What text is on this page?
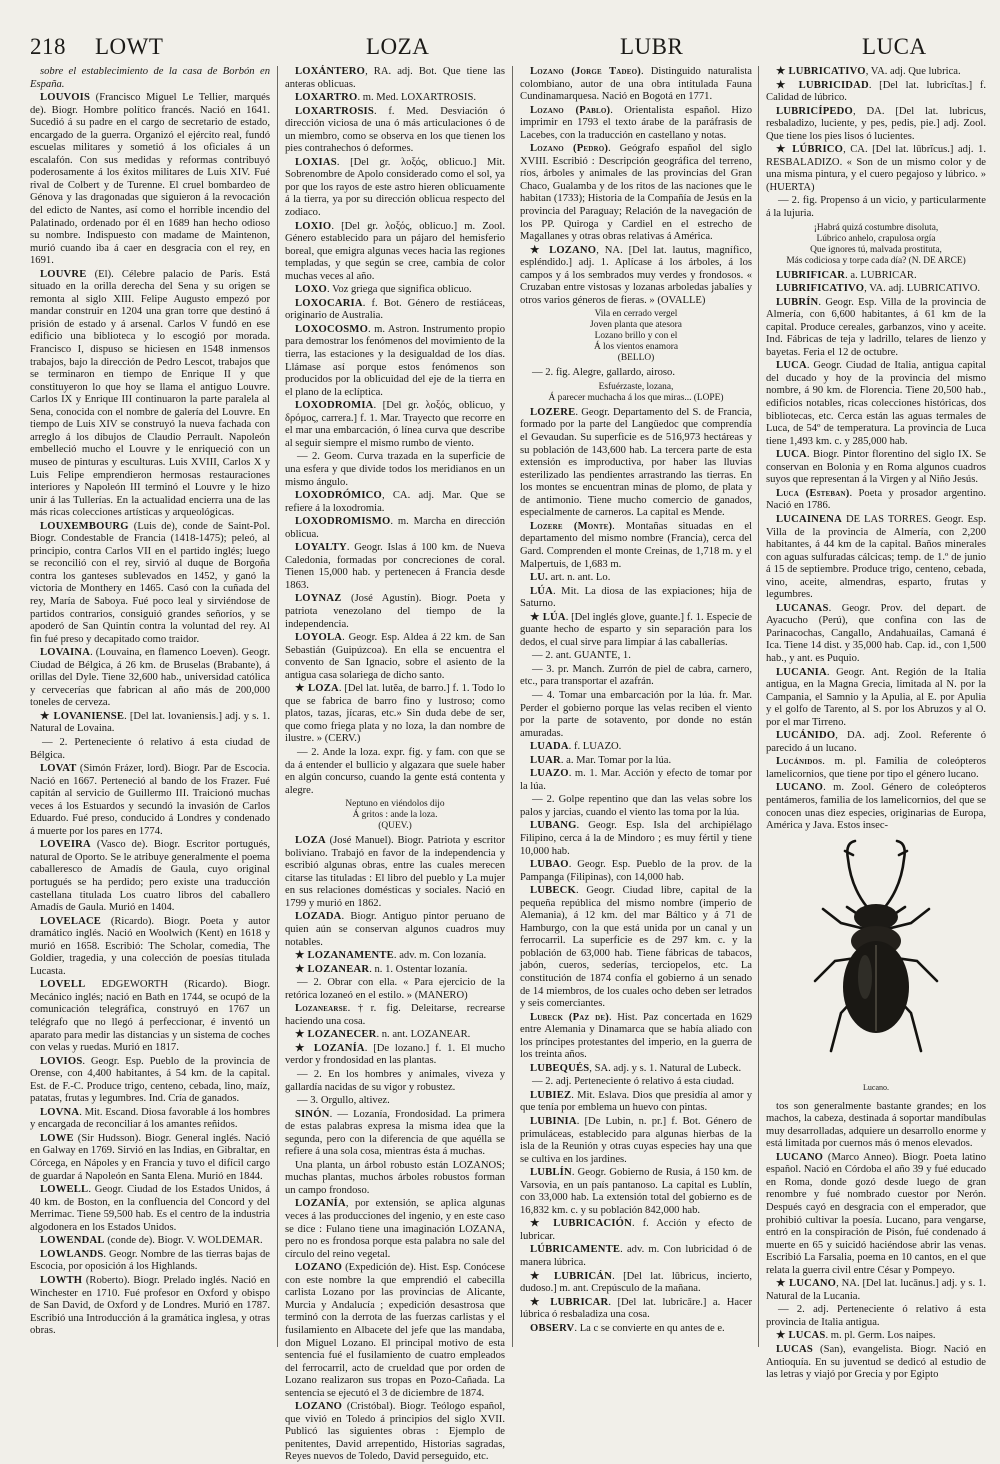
218 LOWT	LOZA	LUBR	LUCA

sobre el establecimiento de la casa de Borbón en España.

LOUVOIS (Francisco Miguel Le Tellier, marqués de). Biogr. Hombre político francés. Nació en 1641. Sucedió á su padre en el cargo de secretario de estado, encargado de la guerra. Organizó el ejército real, fundó escuelas militares y sometió á los oficiales á un escalafón. Con sus medidas y reformas contribuyó poderosamente á los éxitos militares de Luis XIV. Fué rival de Colbert y de Turenne. El cruel bombardeo de Génova y las dragonadas que siguieron á la revocación del edicto de Nantes, así como el horrible incendio del Palatinado, ordenado por él en 1689 han hecho odioso su nombre. Indispuesto con madame de Maintenon, murió cuando iba á caer en desgracia con el rey, en 1691.

LOUVRE (El). Célebre palacio de París. Está situado en la orilla derecha del Sena y su origen se remonta al siglo XIII. Felipe Augusto empezó por mandar construir en 1204 una gran torre que destinó á prisión de estado y á arsenal. Carlos V fundó en ese edificio una biblioteca y lo escogió por morada. Francisco I, dispuso se hiciesen en 1548 inmensos trabajos, bajo la dirección de Pedro Lescot, trabajos que se terminaron en tiempo de Enrique II y que constituyeron lo que hoy se llama el antiguo Louvre. Carlos IX y Enrique III continuaron la parte paralela al Sena, conocida con el nombre de galería del Louvre. En tiempo de Luis XIV se construyó la nueva fachada con arreglo á los dibujos de Claudio Perrault. Napoleón embelleció mucho el Louvre y le enriqueció con un museo de pinturas y esculturas. Luis XVIII, Carlos X y Luis Felipe emprendieron hermosas restauraciones interiores y Napoleón III terminó el Louvre y le hizo unir á las Tullerías. En la actualidad encierra una de las más ricas colecciones artísticas y arqueológicas.

LOUXEMBOURG (Luis de), conde de Saint-Pol. Biogr. Condestable de Francia (1418-1475); peleó, al principio, contra Carlos VII en el partido inglés; luego se reconcilió con el rey, sirvió al duque de Borgoña contra los ganteses sublevados en 1452, y ganó la victoria de Monthery en 1465. Casó con la cuñada del rey, María de Saboya. Fué poco leal y sirviéndose de partidos contrarios, consiguió grandes señoríos, y se apoderó de San Quintín contra la voluntad del rey. Al fin fué preso y decapitado como traidor.

LOVAINA. (Louvaina, en flamenco Loeven). Geogr. Ciudad de Bélgica, á 26 km. de Bruselas (Brabante), á orillas del Dyle. Tiene 32,600 hab., universidad católica y cervecerías que fabrican al año más de 200,000 toneles de cerveza.

★ LOVANIENSE. [Del lat. lovaniensis.] adj. y s. 1. Natural de Lovaina.

— 2. Perteneciente ó relativo á esta ciudad de Bélgica.

LOVAT (Simón Frázer, lord). Biogr. Par de Escocia. Nació en 1667. Perteneció al bando de los Frazer. Fué capitán al servicio de Guillermo III. Traicionó muchas veces á los Estuardos y secundó la invasión de Carlos Eduardo. Fué preso, conducido á Londres y condenado á muerte por los pares en 1774.

LOVEIRA (Vasco de). Biogr. Escritor portugués, natural de Oporto. Se le atribuye generalmente el poema caballeresco de Amadís de Gaula, cuyo original portugués se ha perdido; pero existe una traducción castellana titulada Los cuatro libros del caballero Amadís de Gaula. Murió en 1404.

LOVELACE (Ricardo). Biogr. Poeta y autor dramático inglés. Nació en Woolwich (Kent) en 1618 y murió en 1658. Escribió: The Scholar, comedia, The Goldier, tragedia, y una colección de poesías titulada Lucasta.

LOVELL EDGEWORTH (Ricardo). Biogr. Mecánico inglés; nació en Bath en 1744, se ocupó de la comunicación telegráfica, construyó en 1767 un telégrafo que no llegó á perfeccionar, é inventó un aparato para medir las distancias y un sistema de coches con velas y ruedas. Murió en 1817.

LOVIOS. Geogr. Esp. Pueblo de la provincia de Orense, con 4,400 habitantes, á 54 km. de la capital. Est. de F.-C. Produce trigo, centeno, cebada, lino, maíz, patatas, frutas y legumbres. Ind. Cría de ganados.

LOVNA. Mit. Escand. Diosa favorable á los hombres y encargada de reconciliar á los amantes reñidos.

LOWE (Sir Hudsson). Biogr. General inglés. Nació en Galway en 1769. Sirvió en las Indias, en Gibraltar, en Córcega, en Nápoles y en Francia y tuvo el difícil cargo de guardar á Napoleón en Santa Elena. Murió en 1844.

LOWELL. Geogr. Ciudad de los Estados Unidos, á 40 km. de Boston, en la confluencia del Concord y del Merrimac. Tiene 59,500 hab. Es el centro de la industria algodonera en los Estados Unidos.

LOWENDAL (conde de). Biogr. V. WOLDEMAR.

LOWLANDS. Geogr. Nombre de las tierras bajas de Escocia, por oposición á los Highlands.

LOWTH (Roberto). Biogr. Prelado inglés. Nació en Winchester en 1710. Fué profesor en Oxford y obispo de San David, de Oxford y de Londres. Murió en 1787. Escribió una Introducción á la gramática inglesa, y otras obras.

LOXÁNTERO, RA. adj. Bot. Que tiene las anteras oblicuas.

LOXARTRO. m. Med. LOXARTROSIS.

LOXARTROSIS. f. Med. Desviación ó dirección viciosa de una ó más articulaciones ó de un miembro, como se observa en los que tienen los pies contrahechos ó deformes.

LOXIAS. [Del gr. λοξός, oblicuo.] Mit. Sobrenombre de Apolo considerado como el sol, ya por que los rayos de este astro hieren oblicuamente á la tierra, ya por su dirección oblicua respecto del zodiaco.

LOXIO. [Del gr. λοξός, oblicuo.] m. Zool. Género establecido para un pájaro del hemisferio boreal, que emigra algunas veces hacia las regiones templadas, y que según se cree, cambia de color muchas veces al año.

LOXO. Voz griega que significa oblicuo.

LOXOCARIA. f. Bot. Género de restiáceas, originario de Australia.

LOXOCOSMO. m. Astron. Instrumento propio para demostrar los fenómenos del movimiento de la tierra, las estaciones y la desigualdad de los días. Llámase así porque estos fenómenos son producidos por la oblicuidad del eje de la tierra en el plano de la eclíptica.

LOXODROMIA. [Del gr. λοξός, oblicuo, y δρόμος, carrera.] f. 1. Mar. Trayecto que recorre en el mar una embarcación, ó línea curva que describe al seguir siempre el mismo rumbo de viento.

— 2. Geom. Curva trazada en la superficie de una esfera y que divide todos los meridianos en un mismo ángulo.

LOXODRÓMICO, CA. adj. Mar. Que se refiere á la loxodromia.

LOXODROMISMO. m. Marcha en dirección oblicua.

LOYALTY. Geogr. Islas á 100 km. de Nueva Caledonia, formadas por concreciones de coral. Tienen 15,000 hab. y pertenecen á Francia desde 1863.

LOYNAZ (José Agustín). Biogr. Poeta y patriota venezolano del tiempo de la independencia.

LOYOLA. Geogr. Esp. Aldea á 22 km. de San Sebastián (Guipúzcoa). En ella se encuentra el convento de San Ignacio, sobre el asiento de la antigua casa solariega de dicho santo.

★ LOZA. [Del lat. lutĕa, de barro.] f. 1. Todo lo que se fabrica de barro fino y lustroso; como platos, tazas, jícaras, etc.» Sin duda debe de ser, que como friega plata y no loza, la dan nombre de ilustre. » (CERV.)

— 2. Ande la loza. expr. fig. y fam. con que se da á entender el bullicio y algazara que suele haber en algún concurso, cuando la gente está contenta y alegre.

Neptuno en viéndolos dijo
Á gritos : ande la loza.
(QUEV.)

LOZA (José Manuel). Biogr. Patriota y escritor boliviano. Trabajó en favor de la independencia y escribió algunas obras, entre las cuales merecen citarse las tituladas : El libro del pueblo y La mujer en sus relaciones domésticas y sociales. Nació en 1799 y murió en 1862.

LOZADA. Biogr. Antiguo pintor peruano de quien aún se conservan algunos cuadros muy notables.

★ LOZANAMENTE. adv. m. Con lozanía.

★ LOZANEAR. n. 1. Ostentar lozanía.

— 2. Obrar con ella. « Para ejercicio de la retórica lozaneó en el estilo. » (MANERO)

Lozanearse.†r. fig. Deleitarse, recrearse haciendo una cosa.

★ LOZANECER. n. ant. LOZANEAR.

★ LOZANÍA. [De lozano.] f. 1. El mucho verdor y frondosidad en las plantas.

— 2. En los hombres y animales, viveza y gallardía nacidas de su vigor y robustez.

— 3. Orgullo, altivez.

SINÓN. — Lozanía, Frondosidad. La primera de estas palabras expresa la misma idea que la segunda, pero con la diferencia de que aquélla se refiere á una sola cosa, mientras ésta á muchas.

Una planta, un árbol robusto están LOZANOS; muchas plantas, muchos árboles robustos forman un campo frondoso.

LOZANÍA, por extensión, se aplica algunas veces á las producciones del ingenio, y en este caso se dice : Fulano tiene una imaginación LOZANA, pero no es frondosa porque esta palabra no sale del círculo del reino vegetal.

LOZANO (Expedición de). Hist. Esp. Conócese con este nombre la que emprendió el cabecilla carlista Lozano por las provincias de Alicante, Murcia y Andalucía ; expedición desastrosa que terminó con la derrota de las fuerzas carlistas y el fusilamiento en Albacete del jefe que las mandaba, don Miguel Lozano. El principal motivo de esta sentencia fué el fusilamiento de cuatro empleados del ferrocarril, acto de crueldad que por orden de Lozano realizaron sus tropas en Pozo-Cañada. La sentencia se ejecutó el 3 de diciembre de 1874.

LOZANO (Cristóbal). Biogr. Teólogo español, que vivió en Toledo á principios del siglo XVII. Publicó las siguientes obras : Ejemplo de penitentes, David arrepentido, Historias sagradas, Reyes nuevos de Toledo, David perseguido, etc.

Lozano (Jorge Tadeo). Distinguido naturalista colombiano, autor de una obra intitulada Fauna Cundinamarquesa. Nació en Bogotá en 1771.

Lozano (Pablo). Orientalista español. Hizo imprimir en 1793 el texto árabe de la paráfrasis de Lacebes, con la traducción en castellano y notas.

Lozano (Pedro). Geógrafo español del siglo XVIII. Escribió : Descripción geográfica del terreno, ríos, árboles y animales de las provincias del Gran Chaco, Gualamba y de los ritos de las naciones que le habitan (1733); Historia de la Compañía de Jesús en la provincia del Paraguay; Relación de la navegación de los PP. Quiroga y Cardiel en el estrecho de Magallanes y otras obras relativas á América.

★ LOZANO, NA. [Del lat. lautus, magnífico, espléndido.] adj. 1. Aplícase á los árboles, á los campos y á los sembrados muy verdes y frondosos. « Cruzaban entre vistosas y lozanas arboledas jabalíes y otros varios géneros de fieras. » (OVALLE)

Vila en cerrado vergel
Joven planta que atesora
Lozano brillo y con el
Á los vientos enamora
(BELLO)

— 2. fig. Alegre, gallardo, airoso.

Esfuérzaste, lozana,
Á parecer muchacha á los que miras... (LOPE)

LOZERE. Geogr. Departamento del S. de Francia, formado por la parte del Langüedoc que comprendía el Gevaudan. Su superficie es de 516,973 hectáreas y su población de 143,600 hab. La tercera parte de esta extensión es improductiva, por haber las lluvias esterilizado las pendientes arrastrando las tierras. En los montes se encuentran minas de plomo, de plata y de antimonio. Tiene mucho comercio de ganados, especialmente de carneros. La capital es Mende.

Lozere (Monte). Montañas situadas en el departamento del mismo nombre (Francia), cerca del Gard. Comprenden el monte Creinas, de 1,718 m. y el Malpertuis, de 1,683 m.

LU. art. n. ant. Lo.

LÚA. Mit. La diosa de las expiaciones; hija de Saturno.

★ LÚA. [Del inglés glove, guante.] f. 1. Especie de guante hecho de esparto y sin separación para los dedos, el cual sirve para limpiar á las caballerías.

— 2. ant. GUANTE, 1.

— 3. pr. Manch. Zurrón de piel de cabra, carnero, etc., para transportar el azafrán.

— 4. Tomar una embarcación por la lúa. fr. Mar. Perder el gobierno porque las velas reciben el viento por la parte de sotavento, por donde no están amuradas.

LUADA. f. LUAZO.

LUAR. a. Mar. Tomar por la lúa.

LUAZO. m. 1. Mar. Acción y efecto de tomar por la lúa.

— 2. Golpe repentino que dan las velas sobre los palos y jarcias, cuando el viento las toma por la lúa.

LUBANG. Geogr. Esp. Isla del archipiélago Filipino, cerca á la de Mindoro ; es muy fértil y tiene 10,000 hab.

LUBAO. Geogr. Esp. Pueblo de la prov. de la Pampanga (Filipinas), con 14,000 hab.

LUBECK. Geogr. Ciudad libre, capital de la pequeña república del mismo nombre (imperio de Alemania), á 12 km. del mar Báltico y á 71 de Hamburgo, con la que está unida por un canal y un ferrocarril. La superficie es de 297 km. c. y la población de 63,000 hab. Tiene fábricas de tabacos, jabón, cueros, sederías, terciopelos, etc. La constitución de 1874 confía el gobierno á un senado de 14 miembros, de los cuales ocho deben ser letrados y seis comerciantes.

Lubeck (Paz de). Hist. Paz concertada en 1629 entre Alemania y Dinamarca que se había aliado con los príncipes protestantes del imperio, en la guerra de los treinta años.

LUBEQUÉS, SA. adj. y s. 1. Natural de Lubeck.

— 2. adj. Perteneciente ó relativo á esta ciudad.

LUBIEZ. Mit. Eslava. Dios que presidía al amor y que tenía por emblema un huevo con pintas.

LUBINIA. [De Lubin, n. pr.] f. Bot. Género de primuláceas, establecido para algunas hierbas de la isla de la Reunión y otras cuyas especies hay una que se cultiva en los jardines.

LUBLÍN. Geogr. Gobierno de Rusia, á 150 km. de Varsovia, en un país pantanoso. La capital es Lublín, con 33,000 hab. La extensión total del gobierno es de 16,832 km. c. y su población 842,000 hab.

★ LUBRICACIÓN. f. Acción y efecto de lubricar.

LÚBRICAMENTE. adv. m. Con lubricidad ó de manera lúbrica.

★ LUBRICÁN. [Del lat. lūbricus, incierto, dudoso.] m. ant. Crepúsculo de la mañana.

★ LUBRICAR. [Del lat. lubricāre.] a. Hacer lúbrica ó resbaladiza una cosa.

OBSERV. La c se convierte en qu antes de e.

★ LUBRICATIVO, VA. adj. Que lubrica.

★ LUBRICIDAD. [Del lat. lubricĭtas.] f. Calidad de lúbrico.

LUBRICÍPEDO, DA. [Del lat. lubricus, resbaladizo, luciente, y pes, pedis, pie.] adj. Zool. Que tiene los pies lisos ó lucientes.

★ LÚBRICO, CA. [Del lat. lūbrĭcus.] adj. 1. RESBALADIZO. « Son de un mismo color y de una misma pintura, y el cuero pegajoso y lúbrico. » (HUERTA)

— 2. fig. Propenso á un vicio, y particularmente á la lujuria.

¡Habrá quizá costumbre disoluta,
Lúbrico anhelo, crapulosa orgía
Que ignores tú, malvada prostituta,
Más codiciosa y torpe cada día? (N. DE ARCE)

LUBRIFICAR. a. LUBRICAR.

LUBRIFICATIVO, VA. adj. LUBRICATIVO.

LUBRÍN. Geogr. Esp. Villa de la provincia de Almería, con 6,600 habitantes, á 61 km de la capital. Produce cereales, garbanzos, vino y aceite. Ind. Fábricas de teja y ladrillo, telares de lienzo y bayetas. Feria el 12 de octubre.

LUCA. Geogr. Ciudad de Italia, antigua capital del ducado y hoy de la provincia del mismo nombre, á 90 km. de Florencia. Tiene 20,500 hab., edificios notables, ricas colecciones históricas, dos bibliotecas, etc. Cerca están las aguas termales de Luca, de 54º de temperatura. La provincia de Luca tiene 1,493 km. c. y 285,000 hab.

LUCA. Biogr. Pintor florentino del siglo IX. Se conservan en Bolonia y en Roma algunos cuadros suyos que representan á la Virgen y al Niño Jesús.

Luca (Esteban). Poeta y prosador argentino. Nació en 1786.

LUCAINENA DE LAS TORRES. Geogr. Esp. Villa de la provincia de Almería, con 2,200 habitantes, á 44 km de la capital. Baños minerales con aguas sulfuradas cálcicas; temp. de 1.º de junio á 15 de septiembre. Produce trigo, centeno, cebada, vino, aceite, almendras, esparto, frutas y legumbres.

LUCANAS. Geogr. Prov. del depart. de Ayacucho (Perú), que confina con las de Parinacochas, Cangallo, Andahuailas, Camaná é Ica. Tiene 14 dist. y 35,000 hab. Cap. id., con 1,500 hab., y ant. es Puquio.

LUCANIA. Geogr. Ant. Región de la Italia antigua, en la Magna Grecia, limitada al N. por la Campania, el Samnio y la Apulia, al E. por Apulia y el golfo de Tarento, al S. por los Abruzos y al O. por el mar Tirreno.

LUCÁNIDO, DA. adj. Zool. Referente ó parecido á un lucano.

Lucánidos. m. pl. Familia de coleópteros lamelicornios, que tiene por tipo el género lucano.

LUCANO. m. Zool. Género de coleópteros pentámeros, familia de los lamelicornios, del que se conocen unas diez especies, originarias de Europa, América y Java. Estos insec-

Lucano.

tos son generalmente bastante grandes; en los machos, la cabeza, destinada á soportar mandíbulas muy desarrolladas, adquiere un desarrollo enorme y está limitada por cuernos más ó menos elevados.

LUCANO (Marco Anneo). Biogr. Poeta latino español. Nació en Córdoba el año 39 y fué educado en Roma, donde gozó desde luego de gran renombre y fué nombrado cuestor por Nerón. Después cayó en desgracia con el emperador, que prohibió cultivar la poesía. Lucano, para vengarse, entró en la conspiración de Pisón, fué condenado á muerte en 65 y suicidó haciéndose abrir las venas. Escribió La Farsalia, poema en 10 cantos, en el que relata la guerra civil entre César y Pompeyo.

★ LUCANO, NA. [Del lat. lucānus.] adj. y s. 1. Natural de la Lucania.

— 2. adj. Perteneciente ó relativo á esta provincia de Italia antigua.

★ LUCAS. m. pl. Germ. Los naipes.

LUCAS (San), evangelista. Biogr. Nació en Antioquía. En su juventud se dedicó al estudio de las letras y viajó por Grecia y por Egipto
